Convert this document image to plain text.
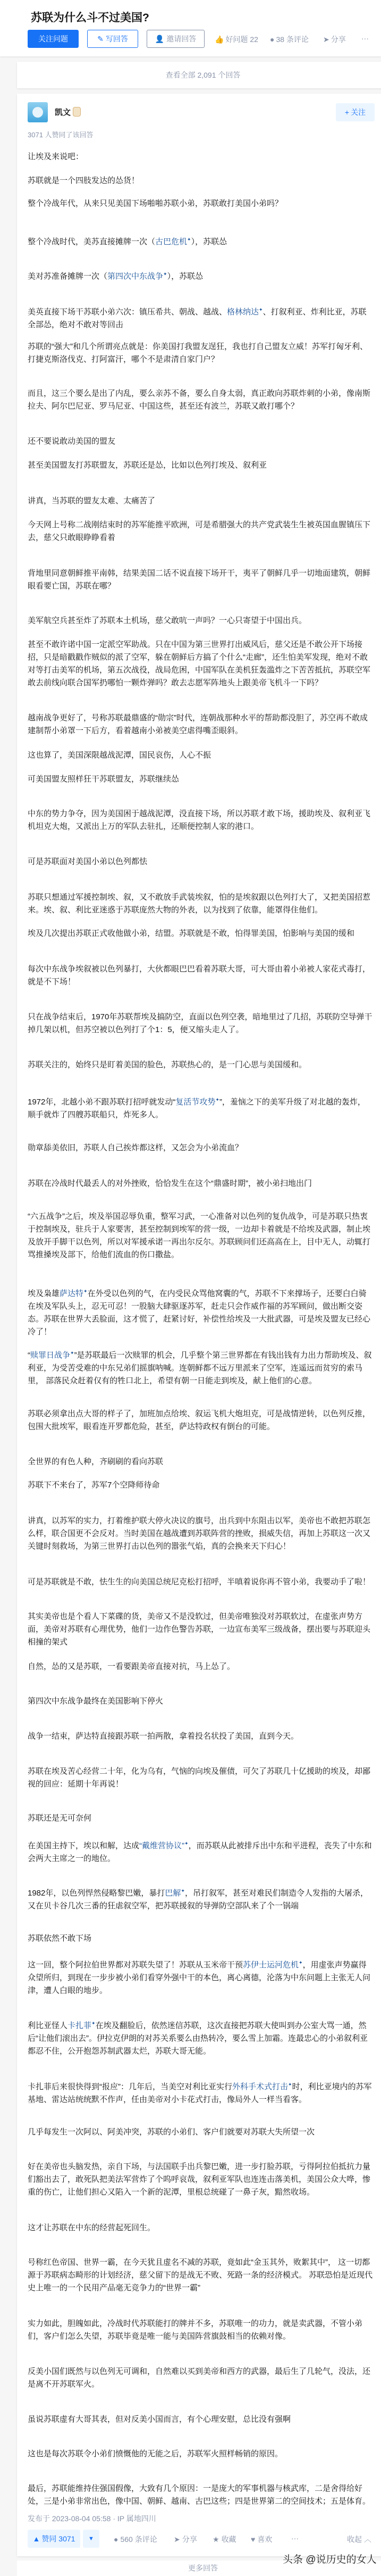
苏联为什么斗不过美国?
关注问题	✎ 写回答	👤 邀请回答 👍 好问题 22 ● 38 条评论 ➤ 分享 ···
查看全部 2,091 个回答
凯文	+ 关注
3071 人赞同了该回答

让埃及来说吧：

苏联就是一个四肢发达的怂货！

整个冷战年代，从来只见美国下场啪啪苏联小弟，苏联敢打美国小弟吗？

整个冷战时代，美苏直接摊牌一次（古巴危机✦），苏联怂

美对苏准备摊牌一次（第四次中东战争✦），苏联怂

美英直接下场干苏联小弟六次：镇压希共、朝战、越战、格林纳达✦、打叙利亚、炸利比亚，苏联全部怂，绝对不敢对等回击

苏联的“强大”和几个所谓亮点就是：你美国打我盟友逞狂，我也打自己盟友立威！苏军打匈牙利、打捷克斯洛伐克、打阿富汗，哪个不是肃清自家门户？

而且，这三个要么是出了内乱，要么亲苏不备，要么自身太弱，真正敢向苏联炸刺的小弟，像南斯拉夫、阿尔巴尼亚、罗马尼亚、中国这些，甚至还有波兰，苏联又敢打哪个？

还不要说敢动美国的盟友

甚至美国盟友打苏联盟友，苏联还是怂，比如以色列打埃及、叙利亚

讲真，当苏联的盟友太难、太痛苦了

今天网上号称二战刚结束时的苏军能推平欧洲，可是希腊强大的共产党武装生生被英国血腥镇压下去，慈父只敢眼睁睁看着

背地里同意朝鲜推平南韩，结果美国二话不说直接下场开干，夷平了朝鲜几乎一切地面建筑，朝鲜眼看要亡国，苏联在哪？

美军航空兵甚至炸了苏联本土机场，慈父敢吭一声吗？一心只寄望于中国出兵。

甚至不敢许诺中国一定派空军助战。只在中国为第三世界打出威风后，慈父还是不敢公开下场接招，只是暗戳戳作贼似的派了空军，躲在朝鲜后方搞了个什么“走廊”，还生怕美军发现，绝对不敢对等打击美军的机场，第五次战役，战局危困，中国军队在美机狂轰滥炸之下苦苦抵抗，苏联空军敢去前线向联合国军扔哪怕一颗炸弹吗？敢去志愿军阵地头上跟美帝飞机斗一下吗？

越南战争更好了，号称苏联最鼎盛的“勋宗”时代，连朝战那种水平的帮助都没胆了，苏空再不敢成建制帮小弟罩一下后方，看着越南小弟被美空虐得嘴歪眼斜。

这也算了，美国深限越战泥潭，国民哀伤，人心不振

可美国盟友照样狂干苏联盟友，苏联继续怂

中东的势力争夺，因为美国困于越战泥潭，没直接下场，所以苏联才敢下场，援助埃及、叙利亚飞机坦克大炮，又派出上万的军队去驻扎，还顺便控制人家的港口。

可是苏联面对美国小弟以色列都怯

苏联只想通过军援控制埃、叙，又不敢放手武装埃叙，怕的是埃叙跟以色列打大了，又把美国招惹来。埃、叙、利比亚迷惑于苏联庞然大物的外表，以为找到了依靠，能罩得住他们。

埃及几次提出苏联正式收他做小弟，结盟。苏联就是不敢，怕得罪美国，怕影响与美国的缓和

每次中东战争埃叙被以色列暴打，大伙都眼巴巴看着苏联大哥，可大哥由着小弟被人家花式毒打，就是不下场！

只在战争结束后，1970年苏联帮埃及搞防空，直面以色列空袭，暗地里过了几招，苏联防空导弹干掉几架以机，但苏空被以色列打了个1：5，便又缩头走人了。

苏联关注的，始终只是盯着美国的脸色，苏联热心的，是一门心思与美国缓和。

1972年，北越小弟不跟苏联打招呼就发动“复活节攻势✦”，羞恼之下的美军升级了对北越的轰炸，顺手就炸了四艘苏联船只，炸死多人。

勋章舔美依旧，苏联人自己挨炸都这样，又怎会为小弟流血？

苏联在冷战时代最丢人的对外挫败，恰恰发生在这个“鼎盛时期”，被小弟扫地出门

“六五战争”之后，埃及举国忍辱负重，整军习武，一心准备对以色列的复仇战争，可是苏联只热衷于控制埃及，驻兵于人家要害，甚至控制到埃军的营一级，一边却卡着就是不给埃及武器，制止埃及放开手脚干以色列，所以对军援承诺一再出尔反尔。苏联顾问们还高高在上，目中无人，动辄打骂推搡埃及部下，给他们流血的伤口撒盐。

埃及枭雄萨达特✦在外受以色列的气，在内受民众骂他窝囊的气，苏联不下来撑场子，还要白白骑在埃及军队头上，忍无可忍！一股脑大肆驱逐苏军，赶走只会作威作福的苏军顾问，做出断交姿态。苏联在世界大丢脸面，这才慌了，赶紧讨好，补偿性给埃及一大批武器，可是埃及盟友已经心冷了！

“赎罪日战争✦”是苏联最后一次赎罪的机会，几乎整个第三世界都在有钱出钱有力出力帮助埃及、叙利亚，为受苦受难的中东兄弟们摇旗呐喊。连朝鲜都不远万里派来了空军，连遥远而贫穷的索马里， 部落民众赶着仅有的牲口北上，希望有朝一日能走到埃及，献上他们的心意。

苏联必须拿出点大哥的样子了，加班加点给埃、叙运飞机大炮坦克，可是战情逆转，以色列反推，包围大批埃军，眼看连开罗都危险，甚至，萨达特政权有倒台的可能。

全世界的有色人种，齐刷刷的看向苏联

苏联下不来台了，苏军7个空降师待命

讲真，以苏军的实力，打着维护联大停火决议的旗号，出兵到中东阻击以军，美帝也不敢把苏联怎么样，联合国更不会反对。当时美国在越战遭到苏联阵营的挫败，损威失信，再加上苏联这一次又关键时刻救场，为第三世界打击以色列的嚣张气焰，真的会换来天下归心！

可是苏联就是不敢，怯生生的向美国总统尼克松打招呼，半嗔着说你再不管小弟，我要动手了啦！

其实美帝也是个看人下菜碟的货，美帝又不是没软过，但美帝唯独没对苏联软过，在虚张声势方面，美帝对苏联有心理优势，他们一边作色警告苏联，一边宣布美军三级战备，摆出要与苏联迎头相撞的架式

自然，怂的又是苏联，一看要跟美帝直接对抗，马上怂了。

第四次中东战争最终在美国影响下停火

战争一结束，萨达特直接跟苏联一拍两散，拿着投名状投了美国，直到今天。

苏联在埃及苦心经营二十年，化为乌有，气恼的向埃及催债，可欠了苏联几十亿援助的埃及，却鄙视的回应：延期十年再说！

苏联还是无可奈何

在美国主持下，埃以和解，达成“戴维营协议”✦，而苏联从此被排斥出中东和平进程，丧失了中东和会两大主席之一的地位。

1982年，以色列悍然侵略黎巴嫩，暴打巴解✦，吊打叙军，甚至对难民们制造令人发指的大屠杀，又在贝卡谷几次三番的狂虐叙空军，把苏联援叙的导弹防空部队来了个一锅端

苏联依然不敢下场

这一回，整个阿拉伯世界都对苏联失望了！苏联从玉米帝干预苏伊士运河危机✦，用虚张声势赢得众望所归，到现在一步步被小弟们看穿外强中干的本色，离心离德，沦落为中东问题上主张无人问津，遭人白眼的地步。

利比亚怪人卡扎菲✦在埃及翻脸后，依然迷信苏联，这次直接把苏联大使叫到办公室大骂一通，然后“让他们滚出去”。伊拉克伊朗的对苏关系要么由热转冷，要么雪上加霜。连最忠心的小弟叙利亚都忍不住，公开抱怨苏制武器太烂，苏联大哥无能。

卡扎菲后来很快得到“报应”：几年后，当美空对利比亚实行外科手术式打击✦时，利比亚境内的苏军基地、雷达站统统默不作声，任由美帝对小卡花式打击，像局外人一样当看客。

几乎每发生一次阿以、阿美冲突，苏联的小弟们、客户们就要对苏联大失所望一次

好在美帝也头脑发热，亲自下场，与法国联手出兵黎巴嫩，进一步打脸苏联，亏得阿拉伯抵抗力量们豁出去了，敢死队把美法军营炸了个呜呼哀哉，叙利亚军队也连连击落美机，美国公众大哗，惨重的伤亡，让他们担心又陷入一个新的泥潭，里根总统碰了一鼻子灰，黯然收场。

这才让苏联在中东的经营起死回生。

号称红色帝国、世界一霸，在今天犹且虚名不减的苏联，竟如此“金玉其外，败絮其中”， 这一切都源于苏联病态畸形的计划经济，慈父留下的是战无不败、死路一条的经济模式。 苏联恐怕是近现代史上唯一的一个民用产品毫无竞争力的“世界一霸”

实力如此，胆魄如此，冷战时代苏联能打的牌并不多，苏联唯一的功力，就是卖武器，不管小弟们，客户们怎么失望，苏联毕竟是唯一能与美国阵营旗鼓相当的依赖对像。

反美小国们既然与以色列无可调和，自然难以买到美帝和西方的武器，最后生了几轮气，没法，还是离不开苏联军火。

虽说苏联虚有大哥其表，但对反美小国而言，有个心理安慰，总比没有强啊

这也是每次苏联令小弟们愤慨他的无能之后，苏联军火照样畅销的原因。

最后，苏联能维持住强国假像，大致有几个原因：一是庞大的军事机器与核武库，二是舍得给好处，三是小弟非常出色，像中国、朝鲜、越南、古巴这些；四是世界第二的空间技术；五是体育。

发布于 2023-08-04 05:58 · IP 属地四川
▲ 赞同 3071 ▼	● 560 条评论 ➤ 分享 ★ 收藏 ♥ 喜欢	···	收起 ︿
更多回答
头条 @说历史的女人
